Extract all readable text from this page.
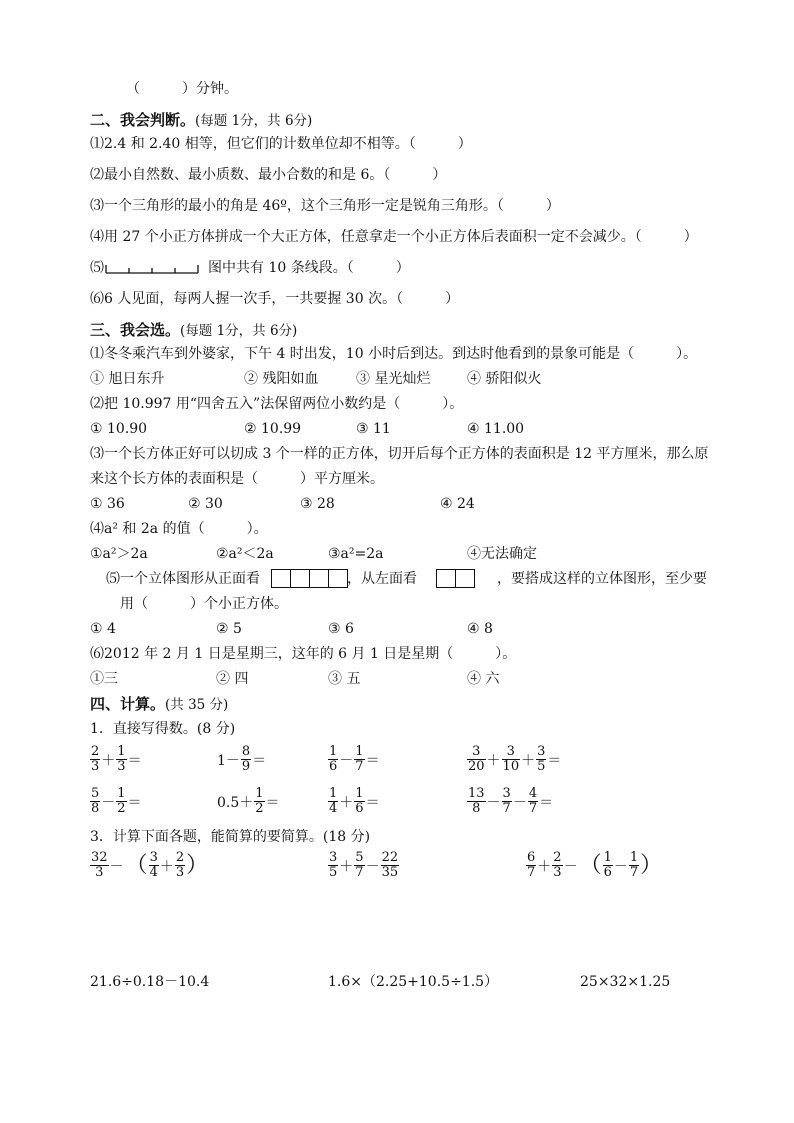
（　　　）分钟。
二、我会判断。(每题 1分，共 6分)
⑴2.4 和 2.40 相等，但它们的计数单位却不相等。（　　　）
⑵最小自然数、最小质数、最小合数的和是 6。（　　　）
⑶一个三角形的最小的角是 46º，这个三角形一定是锐角三角形。（　　　）
⑷用 27 个小正方体拼成一个大正方体，任意拿走一个小正方体后表面积一定不会减少。（　　　）
⑸	图中共有 10 条线段。（　　　）
⑹6 人见面，每两人握一次手，一共要握 30 次。（　　　）
三、我会选。(每题 1分，共 6分)
⑴冬冬乘汽车到外婆家，下午 4 时出发，10 小时后到达。到达时他看到的景象可能是（　　　）。
① 旭日东升	② 残阳如血	③ 星光灿烂	④ 骄阳似火
⑵把 10.997 用“四舍五入”法保留两位小数约是（　　　）。
① 10.90	② 10.99	③ 11	④ 11.00
⑶一个长方体正好可以切成 3 个一样的正方体，切开后每个正方体的表面积是 12 平方厘米，那么原
来这个长方体的表面积是（　　　）平方厘米。
① 36	② 30	③ 28	④ 24
⑷a² 和 2a 的值（　　　）。
①a²＞2a	②a²＜2a	③a²=2a	④无法确定
⑸一个立体图形从正面看	，从左面看	，要搭成这样的立体图形，至少要
用（　　　）个小正方体。
① 4	② 5	③ 6	④ 8
⑹2012 年 2 月 1 日是星期三，这年的 6 月 1 日是星期（　　　）。
①三	② 四	③ 五	④ 六
四、计算。(共 35 分)
1．直接写得数。(8 分)
$\frac{2}{3} + \frac{1}{3}$ ＝	$1- \frac{8}{9}$ ＝	$\frac{1}{6} - \frac{1}{7}$ ＝	$\frac{3}{20} + \frac{3}{10} + \frac{3}{5}$ ＝
$\frac{5}{8} - \frac{1}{2}$ ＝	$0.5+ \frac{1}{2}$ ＝	$\frac{1}{4} + \frac{1}{6}$ ＝	$\frac{13}{8} - \frac{3}{7} - \frac{4}{7}$ ＝
3．计算下面各题，能简算的要简算。(18 分)
$\frac{32}{3}$ －（ $\frac{3}{4} + \frac{2}{3}$ ）	$\frac{3}{5} + \frac{5}{7} - \frac{22}{35}$	$\frac{6}{7} + \frac{2}{3}$ －（ $\frac{1}{6} - \frac{1}{7}$ ）
21.6÷0.18－10.4	1.6×（2.25+10.5÷1.5）	25×32×1.25
